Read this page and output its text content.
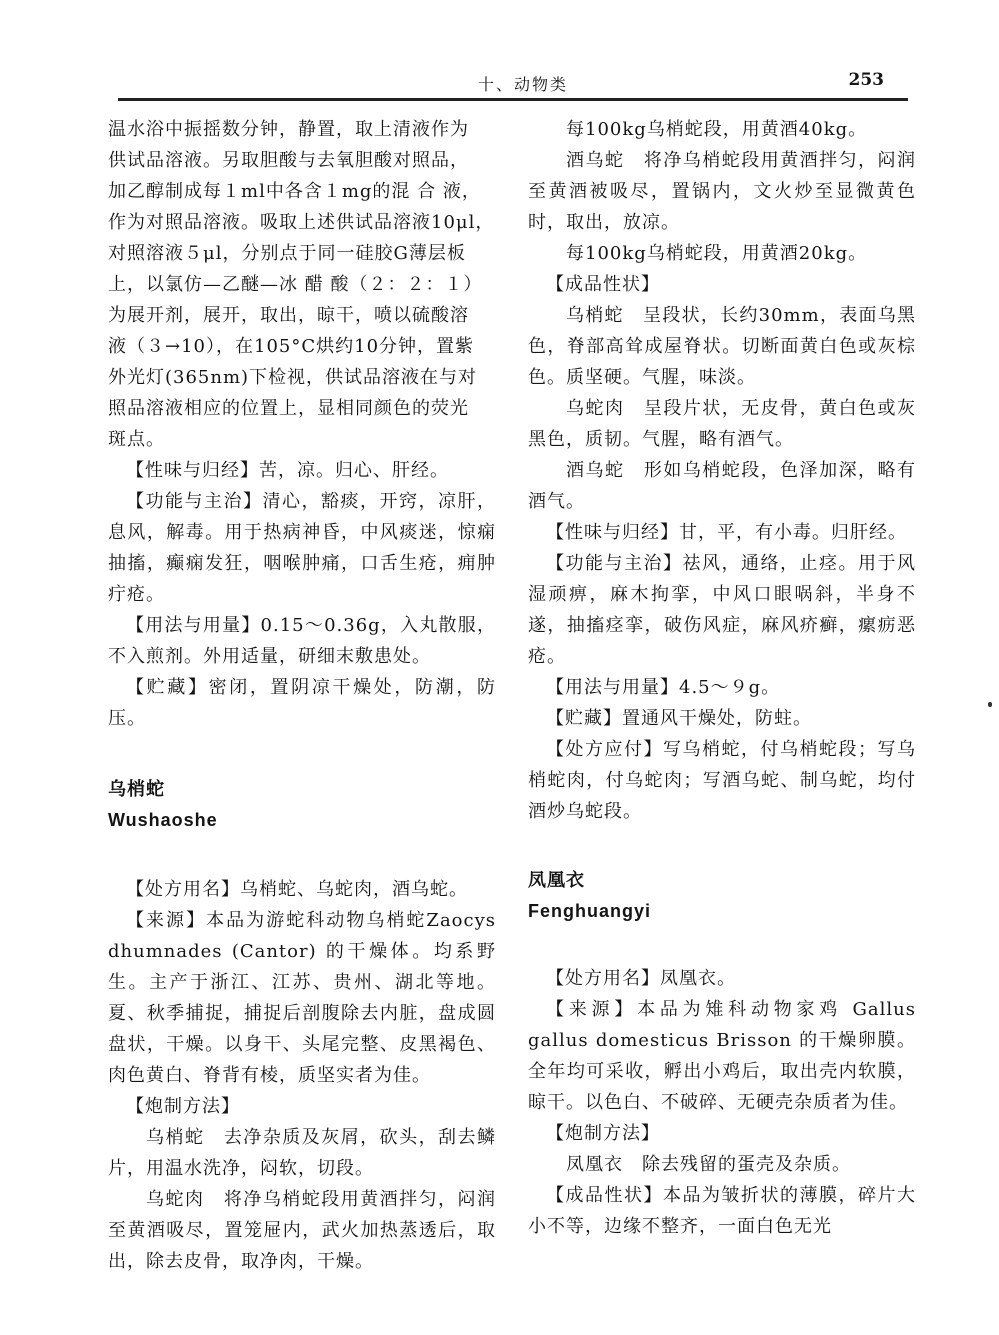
十、动物类	253

温水浴中振摇数分钟，静置，取上清液作为

供试品溶液。另取胆酸与去氧胆酸对照品，

加乙醇制成每１ml中各含１mg的混 合 液，

作为对照品溶液。吸取上述供试品溶液10μl，

对照溶液５μl，分别点于同一硅胶G薄层板

上，以氯仿—乙醚—冰 醋 酸（２：２：１）

为展开剂，展开，取出，晾干，喷以硫酸溶

液（３→10），在105°C烘约10分钟，置紫

外光灯(365nm)下检视，供试品溶液在与对

照品溶液相应的位置上，显相同颜色的荧光

斑点。

【性味与归经】苦，凉。归心、肝经。

【功能与主治】清心，豁痰，开窍，凉肝，息风，解毒。用于热病神昏，中风痰迷，惊痫抽搐，癫痫发狂，咽喉肿痛，口舌生疮，痈肿疔疮。

【用法与用量】0.15～0.36g，入丸散服，不入煎剂。外用适量，研细末敷患处。

【贮藏】密闭，置阴凉干燥处，防潮，防压。

乌梢蛇

Wushaoshe

【处方用名】乌梢蛇、乌蛇肉，酒乌蛇。

【来源】本品为游蛇科动物乌梢蛇Zaocys dhumnades (Cantor) 的干燥体。均系野生。主产于浙江、江苏、贵州、湖北等地。夏、秋季捕捉，捕捉后剖腹除去内脏，盘成圆盘状，干燥。以身干、头尾完整、皮黑褐色、肉色黄白、脊背有棱，质坚实者为佳。

【炮制方法】

乌梢蛇　去净杂质及灰屑，砍头，刮去鳞片，用温水洗净，闷软，切段。

乌蛇肉　将净乌梢蛇段用黄酒拌匀，闷润至黄酒吸尽，置笼屉内，武火加热蒸透后，取出，除去皮骨，取净肉，干燥。

每100kg乌梢蛇段，用黄酒40kg。

酒乌蛇　将净乌梢蛇段用黄酒拌匀，闷润至黄酒被吸尽，置锅内，文火炒至显微黄色时，取出，放凉。

每100kg乌梢蛇段，用黄酒20kg。

【成品性状】

乌梢蛇　呈段状，长约30mm，表面乌黑色，脊部高耸成屋脊状。切断面黄白色或灰棕色。质坚硬。气腥，味淡。

乌蛇肉　呈段片状，无皮骨，黄白色或灰黑色，质韧。气腥，略有酒气。

酒乌蛇　形如乌梢蛇段，色泽加深，略有酒气。

【性味与归经】甘，平，有小毒。归肝经。

【功能与主治】祛风，通络，止痉。用于风湿顽痹，麻木拘挛，中风口眼㖞斜，半身不遂，抽搐痉挛，破伤风症，麻风疥癣，瘰疬恶疮。

【用法与用量】4.5～９g。

【贮藏】置通风干燥处，防蛀。

【处方应付】写乌梢蛇，付乌梢蛇段；写乌梢蛇肉，付乌蛇肉；写酒乌蛇、制乌蛇，均付酒炒乌蛇段。

凤凰衣

Fenghuangyi

【处方用名】凤凰衣。

【来源】本品为雉科动物家鸡 Gallus gallus domesticus Brisson 的干燥卵膜。全年均可采收，孵出小鸡后，取出壳内软膜，晾干。以色白、不破碎、无硬壳杂质者为佳。

【炮制方法】

凤凰衣　除去残留的蛋壳及杂质。

【成品性状】本品为皱折状的薄膜，碎片大小不等，边缘不整齐，一面白色无光
